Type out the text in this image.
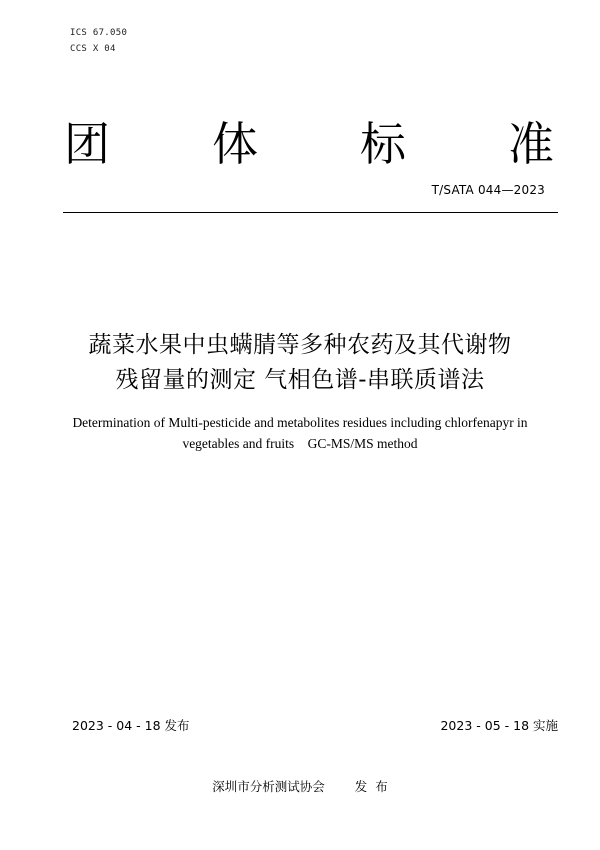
ICS 67.050
CCS X 04
团 体 标 准
T/SATA 044—2023
蔬菜水果中虫螨腈等多种农药及其代谢物
残留量的测定 气相色谱-串联质谱法
Determination of Multi-pesticide and metabolites residues including chlorfenapyr in
vegetables and fruits    GC-MS/MS method
2023 - 04 - 18 发布	2023 - 05 - 18 实施
深圳市分析测试协会 发  布
